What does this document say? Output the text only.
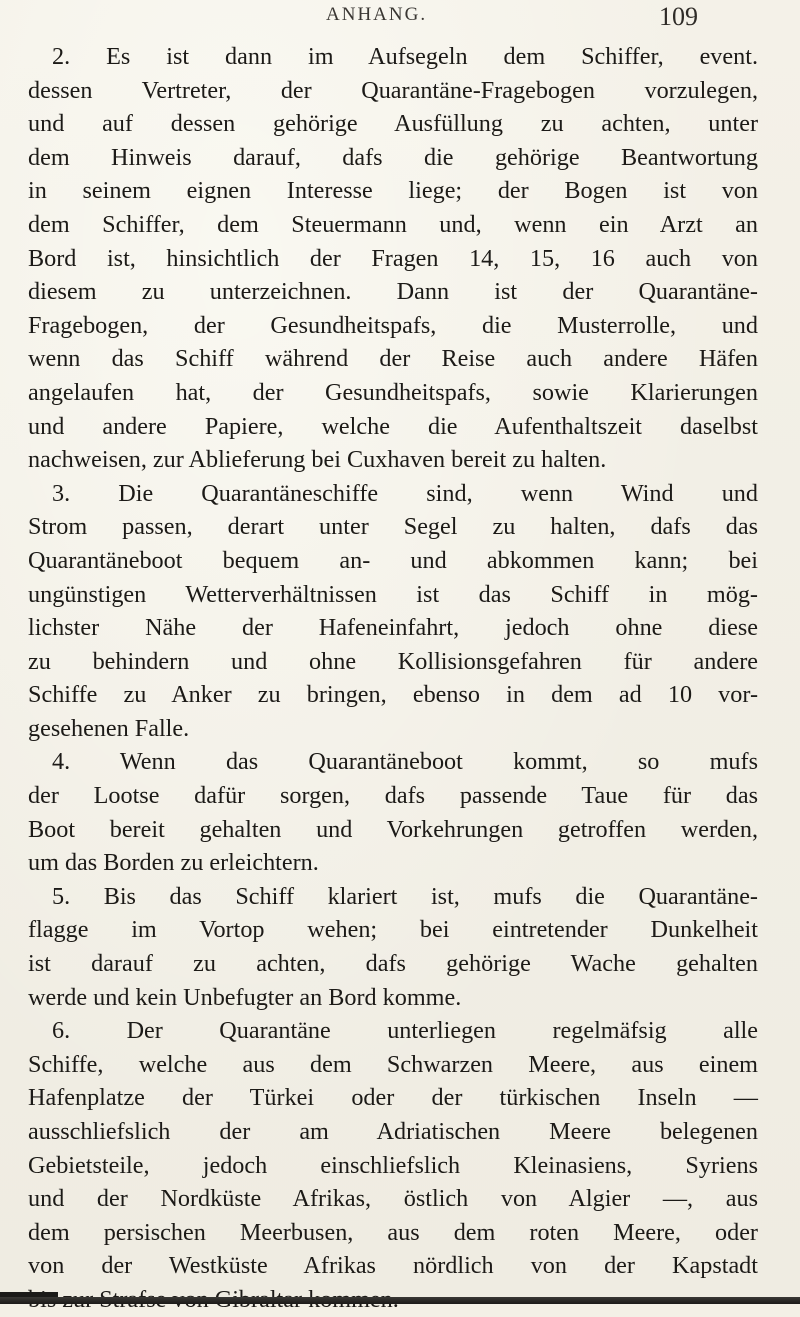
ANHANG.	109
2. Es ist dann im Aufsegeln dem Schiffer, event.
dessen Vertreter, der Quarantäne-Fragebogen vorzulegen,
und auf dessen gehörige Ausfüllung zu achten, unter
dem Hinweis darauf, dafs die gehörige Beantwortung
in seinem eignen Interesse liege; der Bogen ist von
dem Schiffer, dem Steuermann und, wenn ein Arzt an
Bord ist, hinsichtlich der Fragen 14, 15, 16 auch von
diesem zu unterzeichnen. Dann ist der Quarantäne-
Fragebogen, der Gesundheitspafs, die Musterrolle, und
wenn das Schiff während der Reise auch andere Häfen
angelaufen hat, der Gesundheitspafs, sowie Klarierungen
und andere Papiere, welche die Aufenthaltszeit daselbst
nachweisen, zur Ablieferung bei Cuxhaven bereit zu halten.
3. Die Quarantäneschiffe sind, wenn Wind und
Strom passen, derart unter Segel zu halten, dafs das
Quarantäneboot bequem an- und abkommen kann; bei
ungünstigen Wetterverhältnissen ist das Schiff in mög-
lichster Nähe der Hafeneinfahrt, jedoch ohne diese
zu behindern und ohne Kollisionsgefahren für andere
Schiffe zu Anker zu bringen, ebenso in dem ad 10 vor-
gesehenen Falle.
4. Wenn das Quarantäneboot kommt, so mufs
der Lootse dafür sorgen, dafs passende Taue für das
Boot bereit gehalten und Vorkehrungen getroffen werden,
um das Borden zu erleichtern.
5. Bis das Schiff klariert ist, mufs die Quarantäne-
flagge im Vortop wehen; bei eintretender Dunkelheit
ist darauf zu achten, dafs gehörige Wache gehalten
werde und kein Unbefugter an Bord komme.
6. Der Quarantäne unterliegen regelmäfsig alle
Schiffe, welche aus dem Schwarzen Meere, aus einem
Hafenplatze der Türkei oder der türkischen Inseln —
ausschliefslich der am Adriatischen Meere belegenen
Gebietsteile, jedoch einschliefslich Kleinasiens, Syriens
und der Nordküste Afrikas, östlich von Algier —, aus
dem persischen Meerbusen, aus dem roten Meere, oder
von der Westküste Afrikas nördlich von der Kapstadt
